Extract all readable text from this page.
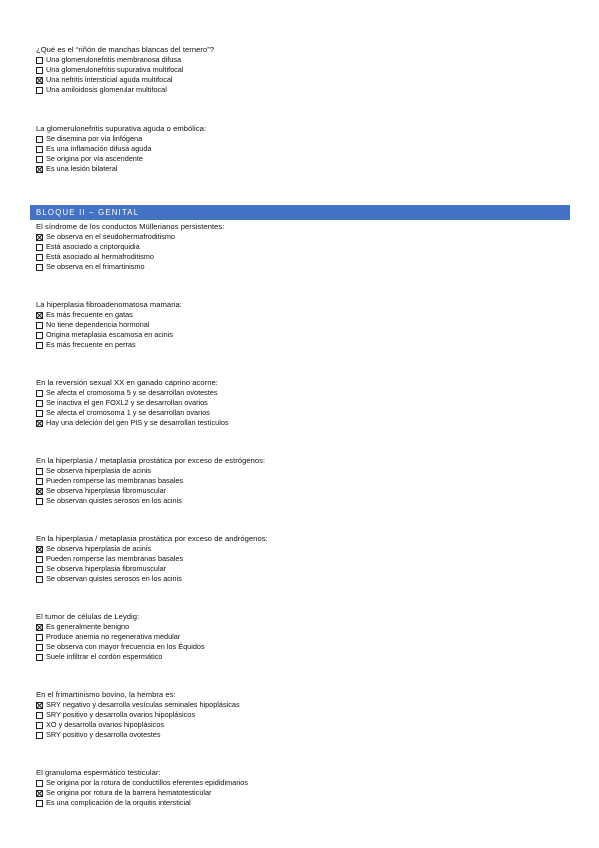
BLOQUE II – GENITAL
¿Qué es el “riñón de manchas blancas del ternero”?
Una glomerulonefritis membranosa difusa
Una glomerulonefritis supurativa multifocal
Una nefritis intersticial aguda multifocal
Una amiloidosis glomerular multifocal
La glomerulonefritis supurativa aguda o embólica:
Se disemina por vía linfógena
Es una inflamación difusa aguda
Se origina por vía ascendente
Es una lesión bilateral
El síndrome de los conductos Müllerianos persistentes:
Se observa en el seudohermafroditismo
Está asociado a criptorquidia
Está asociado al hermafroditismo
Se observa en el frimartinismo
La hiperplasia fibroadenomatosa mamaria:
Es más frecuente en gatas
No tiene dependencia hormonal
Origina metaplasia escamosa en acinis
Es más frecuente en perras
En la reversión sexual XX en ganado caprino acorne:
Se afecta el cromosoma 5 y se desarrollan ovotestes
Se inactiva el gen FOXL2 y se desarrollan ovarios
Se afecta el cromosoma 1 y se desarrollan ovarios
Hay una deleción del gen PIS y se desarrollan testículos
En la hiperplasia / metaplasia prostática por exceso de estrógenos:
Se observa hiperplasia de acinis
Pueden romperse las membranas basales
Se observa hiperplasia fibromuscular
Se observan quistes serosos en los acinis
En la hiperplasia / metaplasia prostática por exceso de andrógenos:
Se observa hiperplasia de acinis
Pueden romperse las membranas basales
Se observa hiperplasia fibromuscular
Se observan quistes serosos en los acinis
El tumor de células de Leydig:
Es generalmente benigno
Produce anemia no regenerativa medular
Se observa con mayor frecuencia en los Équidos
Suele infiltrar el cordón espermático
En el frimartinismo bovino, la hembra es:
SRY negativo y desarrolla vesículas seminales hipoplásicas
SRY positivo y desarrolla ovarios hipoplásicos
XO y desarrolla ovarios hipoplásicos
SRY positivo y desarrolla ovotestes
El granuloma espermático testicular:
Se origina por la rotura de conductillos eferentes epididimarios
Se origina por rotura de la barrera hematotesticular
Es una complicación de la orquitis intersticial
